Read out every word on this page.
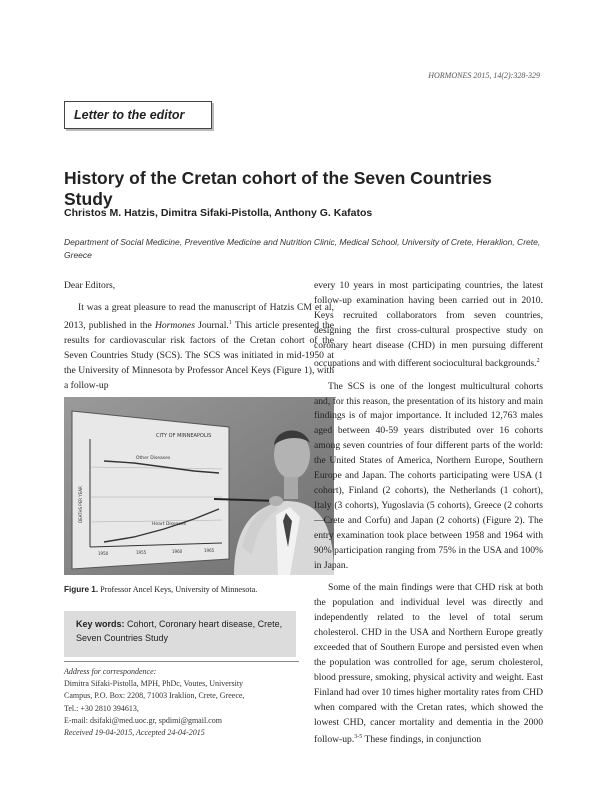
HORMONES 2015, 14(2):328-329
Letter to the editor
History of the Cretan cohort of the Seven Countries Study
Christos M. Hatzis, Dimitra Sifaki-Pistolla, Anthony G. Kafatos
Department of Social Medicine, Preventive Medicine and Nutrition Clinic, Medical School, University of Crete, Heraklion, Crete, Greece

Dear Editors,

It was a great pleasure to read the manuscript of Hatzis CM et al, 2013, published in the Hormones Journal.$^1$ This article presented the results for cardiovascular risk factors of the Cretan cohort of the Seven Countries Study (SCS). The SCS was initiated in mid-1950 at the University of Minnesota by Professor Ancel Keys (Figure 1), with a follow-up

CITY OF MINNEAPOLIS
DEATHS PER YEAR
Other Diseases
Heart Diseases
1950	1955	1960	1965
Figure 1. Professor Ancel Keys, University of Minnesota.
Key words: Cohort, Coronary heart disease, Crete, Seven Countries Study
Address for correspondence:
Dimitra Sifaki-Pistolla, MPH, PhDc, Voutes, University
Campus, P.O. Box: 2208, 71003 Iraklion, Crete, Greece,
Tel.: +30 2810 394613,
E-mail: dsifaki@med.uoc.gr, spdimi@gmail.com
Received 19-04-2015, Accepted 24-04-2015

every 10 years in most participating countries, the latest follow-up examination having been carried out in 2010. Keys recruited collaborators from seven countries, designing the first cross-cultural prospective study on coronary heart disease (CHD) in men pursuing different occupations and with different sociocultural backgrounds.$^2$

The SCS is one of the longest multicultural cohorts and, for this reason, the presentation of its history and main findings is of major importance. It included 12,763 males aged between 40-59 years distributed over 16 cohorts among seven countries of four different parts of the world: the United States of America, Northern Europe, Southern Europe and Japan. The cohorts participating were USA (1 cohort), Finland (2 cohorts), the Netherlands (1 cohort), Italy (3 cohorts), Yugoslavia (5 cohorts), Greece (2 cohorts—Crete and Corfu) and Japan (2 cohorts) (Figure 2). The entry examination took place between 1958 and 1964 with 90% participation ranging from 75% in the USA and 100% in Japan.

Some of the main findings were that CHD risk at both the population and individual level was directly and independently related to the level of total serum cholesterol. CHD in the USA and Northern Europe greatly exceeded that of Southern Europe and persisted even when the population was controlled for age, serum cholesterol, blood pressure, smoking, physical activity and weight. East Finland had over 10 times higher mortality rates from CHD when compared with the Cretan rates, which showed the lowest CHD, cancer mortality and dementia in the 2000 follow-up.$^{3-5}$ These findings, in conjunction
